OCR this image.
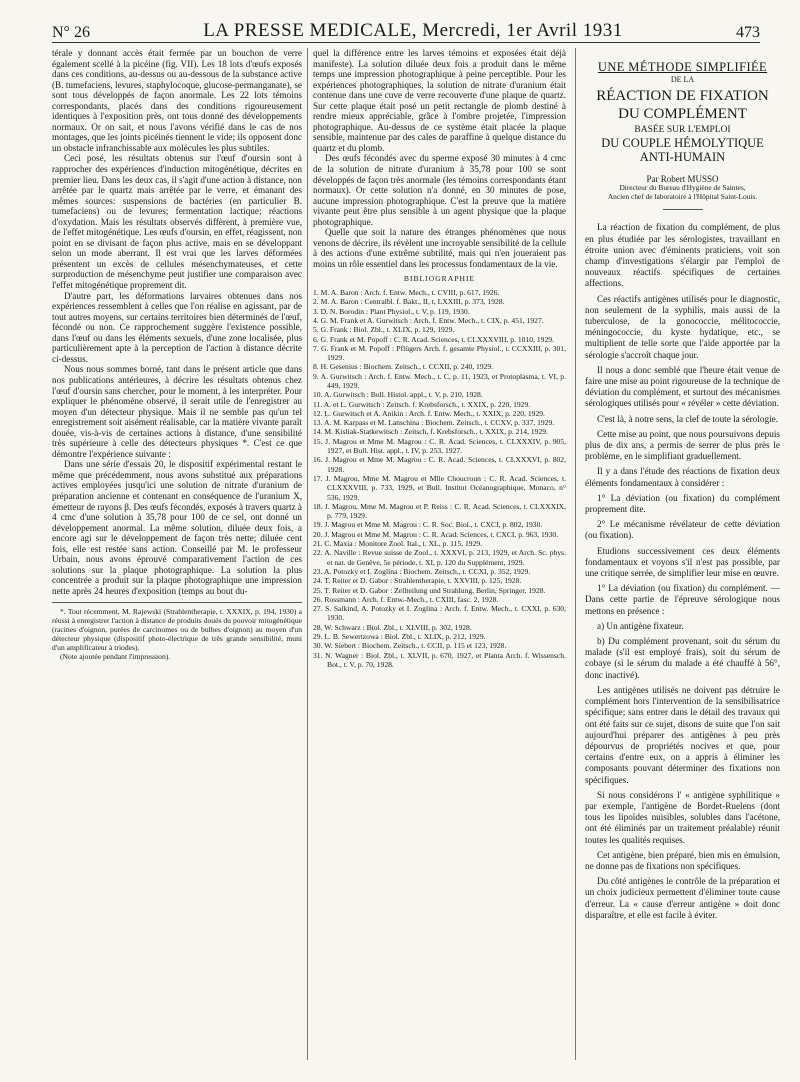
N° 26	LA PRESSE MEDICALE, Mercredi, 1er Avril 1931	473

térale y donnant accès était fermée par un bouchon de verre également scellé à la picéine (fig. VII). Les 18 lots d'œufs exposés dans ces conditions, au-dessus ou au-dessous de la substance active (B. tumefaciens, levures, staphylocoque, glucose-permanganate), se sont tous développés de façon anormale. Les 22 lots témoins correspondants, placés dans des conditions rigoureusement identiques à l'exposition près, ont tous donné des développements normaux. Or on sait, et nous l'avons vérifié dans le cas de nos montages, que les joints picéinés tiennent le vide; ils opposent donc un obstacle infranchissable aux molécules les plus subtiles.

Ceci posé, les résultats obtenus sur l'œuf d'oursin sont à rapprocher des expériences d'induction mitogénétique, décrites en premier lieu. Dans les deux cas, il s'agit d'une action à distance, non arrêtée par le quartz mais arrêtée par le verre, et émanant des mêmes sources: suspensions de bactéries (en particulier B. tumefaciens) ou de levures; fermentation lactique; réactions d'oxydation. Mais les résultats observés diffèrent, à première vue, de l'effet mitogénétique. Les œufs d'oursin, en effet, réagissent, non point en se divisant de façon plus active, mais en se développant selon un mode aberrant. Il est vrai que les larves déformées présentent un excès de cellules mésenchymateuses, et cette surproduction de mésenchyme peut justifier une comparaison avec l'effet mitogénétique proprement dit.

D'autre part, les déformations larvaires obtenues dans nos expériences ressemblent à celles que l'on réalise en agissant, par de tout autres moyens, sur certains territoires bien déterminés de l'œuf, fécondé ou non. Ce rapprochement suggère l'existence possible, dans l'œuf ou dans les éléments sexuels, d'une zone localisée, plus particulièrement apte à la perception de l'action à distance décrite ci-dessus.

Nous nous sommes borné, tant dans le présent article que dans nos publications antérieures, à décrire les résultats obtenus chez l'œuf d'oursin sans chercher, pour le moment, à les interpréter. Pour expliquer le phénomène observé, il serait utile de l'enregistrer au moyen d'un détecteur physique. Mais il ne semble pas qu'un tel enregistrement soit aisément réalisable, car la matière vivante paraît douée, vis-à-vis de certaines actions à distance, d'une sensibilité très supérieure à celle des détecteurs physiques *. C'est ce que démontre l'expérience suivante :

Dans une série d'essais 20, le dispositif expérimental restant le même que précédemment, nous avons substitué aux préparations actives employées jusqu'ici une solution de nitrate d'uranium de préparation ancienne et contenant en conséquence de l'uranium X, émetteur de rayons β. Des œufs fécondés, exposés à travers quartz à 4 cmc d'une solution à 35,78 pour 100 de ce sel, ont donné un développement anormal. La même solution, diluée deux fois, a encore agi sur le développement de façon très nette; diluée cent fois, elle est restée sans action. Conseillé par M. le professeur Urbain, nous avons éprouvé comparativement l'action de ces solutions sur la plaque photographique. La solution la plus concentrée a produit sur la plaque photographique une impression nette après 24 heures d'exposition (temps au bout du-

*. Tout récemment, M. Rajewski (Strahlentherapie, t. XXXIX, p. 194, 1930) a réussi à enregistrer l'action à distance de produits doués du pouvoir mitogénétique (racines d'oignon, purées de carcinomes ou de bulbes d'oignon) au moyen d'un détecteur physique (dispositif photo-électrique de très grande sensibilité, muni d'un amplificateur à triodes).

(Note ajoutée pendant l'impression).

quel la différence entre les larves témoins et exposées était déjà manifeste). La solution diluée deux fois a produit dans le même temps une impression photographique à peine perceptible. Pour les expériences photographiques, la solution de nitrate d'uranium était contenue dans une cuve de verre recouverte d'une plaque de quartz. Sur cette plaque était posé un petit rectangle de plomb destiné à rendre mieux appréciable, grâce à l'ombre projetée, l'impression photographique. Au-dessus de ce système était placée la plaque sensible, maintenue par des cales de paraffine à quelque distance du quartz et du plomb.

Des œufs fécondés avec du sperme exposé 30 minutes à 4 cmc de la solution de nitrate d'uranium à 35,78 pour 100 se sont développés de façon très anormale (les témoins correspondants étant normaux). Or cette solution n'a donné, en 30 minutes de pose, aucune impression photographique. C'est la preuve que la matière vivante peut être plus sensible à un agent physique que la plaque photographique.

Quelle que soit la nature des étranges phénomènes que nous venons de décrire, ils révèlent une incroyable sensibilité de la cellule à des actions d'une extrême subtilité, mais qui n'en joueraient pas moins un rôle essentiel dans les processus fondamentaux de la vie.

BIBLIOGRAPHIE
1. M. A. Baron : Arch. f. Entw. Mech., t. CVIII, p. 617, 1926.
2. M. A. Baron : Centralbl. f. Bakt., II, t, LXXIII, p. 373, 1928.
3. D. N. Borodin : Plant Physiol., t. V, p. 119, 1930.
4. G. M. Frank et A. Gurwitsch : Arch. f. Entw. Mech., t. CIX, p. 451, 1927.
5. G. Frank : Biol. Zbl., t. XLIX, p. 129, 1929.
6. G. Frank et M. Popoff : C. R. Acad. Sciences, t. CLXXXVIII, p. 1010, 1929.
7. G. Frank et M. Popoff : Pflügers Arch. f. gesamte Physiol., t. CCXXIII, p. 301, 1929.
8. H. Gesenius : Biochem. Zeitsch., t. CCXII, p. 240, 1929.
9. A. Gurwitsch : Arch. f. Entw. Mech., t. C, p. 11, 1923, et Protoplasma, t. VI, p. 449, 1929.
10. A. Gurwitsch : Bull. Histol. appl., t. V, p. 210, 1928.
11. A. et L. Gurwitsch : Zeitsch. f. Krebsforsch., t. XXIX, p. 220, 1929.
12. L. Gurwitsch et A. Anikin : Arch. f. Entw. Mech., t. XXIX, p. 220, 1929.
13. A. M. Karpass et M. Lanschina : Biochem. Zeitsch., t. CCXV, p. 337, 1929.
14. M. Kisliak-Statkewitsch : Zeitsch, f. Krebsforsch., t. XXIX, p. 214, 1929.
15. J. Magrou et Mme M. Magrou : C. R. Acad. Sciences, t. CLXXXIV, p. 905, 1927, et Bull. Hist. appl., t. IV, p. 253, 1927.
16. J. Magrou et Mme M. Magrou : C. R. Acad. Sciences, t. CLXXXVI, p. 802, 1928.
17. J. Magrou, Mme M. Magrou et Mlle Choucroun : C. R. Acad. Sciences, t. CLXXXVIII, p. 733, 1929, et Bull. Institut Océanographique, Monaco, n° 536, 1929.
18. J. Magrou, Mme M. Magrou et P. Reiss : C. R. Acad. Sciences, t. CLXXXIX, p. 779, 1929.
19. J. Magrou et Mme M. Magrou : C. R. Soc. Biol., t. CXCI, p. 802, 1930.
20. J. Magrou et Mme M. Magrou : C. R. Acad. Sciences, t. CXCI, p. 963, 1930.
21. C. Maxia : Monitore Zool. Ital., t. XL, p. 115, 1929.
22. A. Naville : Revue suisse de Zool., t. XXXVI, p. 213, 1929, et Arch. Sc. phys. et nat. de Genève, 5e période, t. XI, p. 120 du Supplément, 1929.
23. A. Potozky et I. Zoglina : Biochem. Zeitsch., t. CCXI, p. 352, 1929.
24. T. Reiter et D. Gabor : Strahlentherapie, t. XXVIII, p. 125, 1928.
25. T. Reiter et D. Gabor : Zellteilung und Strahlung, Berlin, Springer, 1928.
26. Rossmann : Arch. f. Entw.-Mech., t. CXIII, fasc. 2, 1928.
27. S. Salkind, A. Potozky et I. Zoglina : Arch. f. Entw. Mech., t. CXXI, p. 630, 1930.
28. W. Schwarz : Biol. Zbl., t. XLVIII, p. 302, 1928.
29. L. B. Sewertzowa : Biol. Zbl., t. XLIX, p. 212, 1929.
30. W. Siebert : Biochem. Zeitsch., t. CCII, p. 115 et 123, 1928.
31. N. Wagner : Biol. Zbl., t. XLVII, p. 670, 1927, et Planta Arch. f. Wissensch. Bot., t. V, p. 70, 1928.
UNE MÉTHODE SIMPLIFIÉE
DE LA
RÉACTION DE FIXATION
DU COMPLÉMENT
BASÉE SUR L'EMPLOI
DU COUPLE HÉMOLYTIQUE
ANTI-HUMAIN
Par Robert MUSSO
Directeur du Bureau d'Hygiène de Saintes,
Ancien chef de laboratoire à l'Hôpital Saint-Louis.

La réaction de fixation du complément, de plus en plus étudiée par les sérologistes, travaillant en étroite union avec d'éminents praticiens, voit son champ d'investigations s'élargir par l'emploi de nouveaux réactifs spécifiques de certaines affections.

Ces réactifs antigènes utilisés pour le diagnostic, non seulement de la syphilis, mais aussi de la tuberculose, de la gonococcie, mélitococcie, méningococcie, du kyste hydatique, etc., se multiplient de telle sorte que l'aide apportée par la sérologie s'accroît chaque jour.

Il nous a donc semblé que l'heure était venue de faire une mise au point rigoureuse de la technique de déviation du complément, et surtout des mécanismes sérologiques utilisés pour « révéler » cette déviation.

C'est là, à notre sens, la clef de toute la sérologie.

Cette mise au point, que nous poursuivons depuis plus de dix ans, a permis de serrer de plus près le problème, en le simplifiant graduellement.

Il y a dans l'étude des réactions de fixation deux éléments fondamentaux à considérer :

1° La déviation (ou fixation) du complément proprement dite.

2° Le mécanisme révélateur de cette déviation (ou fixation).

Etudions successivement ces deux éléments fondamentaux et voyons s'il n'est pas possible, par une critique serrée, de simplifier leur mise en œuvre.

1° La déviation (ou fixation) du complément. — Dans cette partie de l'épreuve sérologique nous mettons en présence :

a) Un antigène fixateur.

b) Du complément provenant, soit du sérum du malade (s'il est employé frais), soit du sérum de cobaye (si le sérum du malade a été chauffé à 56°, donc inactivé).

Les antigènes utilisés ne doivent pas détruire le complément hors l'intervention de la sensibilisatrice spécifique; sans entrer dans le détail des travaux qui ont été faits sur ce sujet, disons de suite que l'on sait aujourd'hui préparer des antigènes à peu près dépourvus de propriétés nocives et que, pour certains d'entre eux, on a appris à éliminer les composants pouvant déterminer des fixations non spécifiques.

Si nous considérons l' « antigène syphilitique » par exemple, l'antigène de Bordet-Ruelens (dont tous les lipoïdes nuisibles, solubles dans l'acétone, ont été éliminés par un traitement préalable) réunit toutes les qualités requises.

Cet antigène, bien préparé, bien mis en émulsion, ne donne pas de fixations non spécifiques.

Du côté antigènes le contrôle de la préparation et un choix judicieux permettent d'éliminer toute cause d'erreur. La « cause d'erreur antigène » doit donc disparaître, et elle est facile à éviter.
